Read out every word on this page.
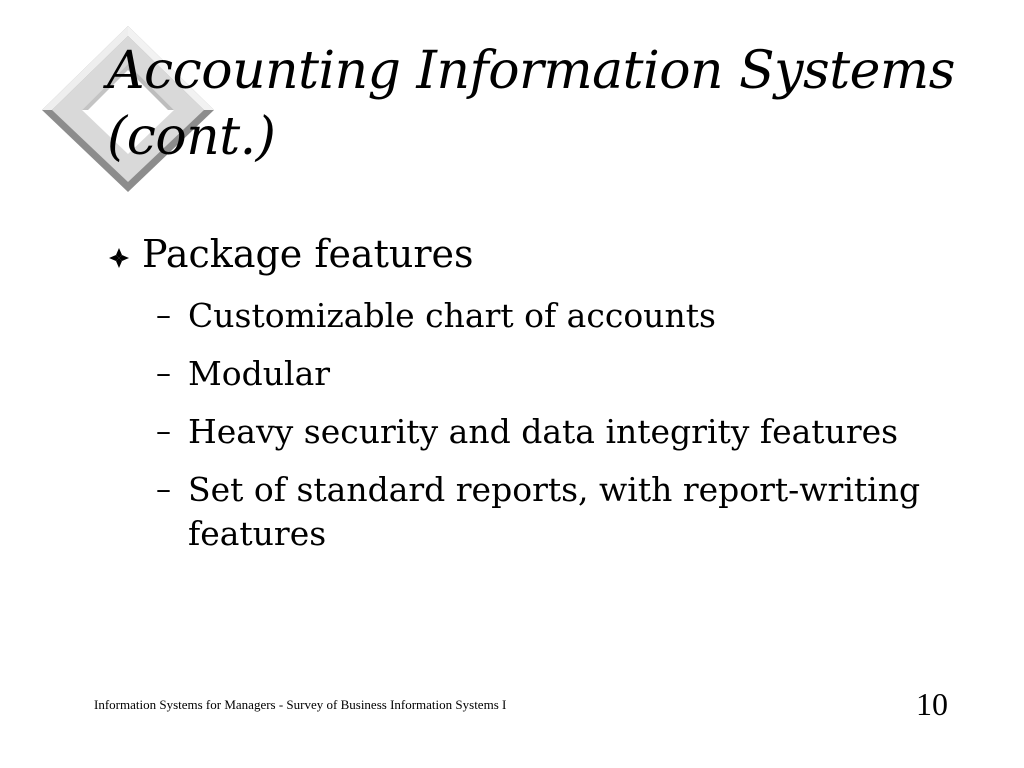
Accounting Information Systems
(cont.)
Package features
– Customizable chart of accounts
– Modular
– Heavy security and data integrity features
– Set of standard reports, with report-writing features
Information Systems for Managers - Survey of Business Information Systems I	10
